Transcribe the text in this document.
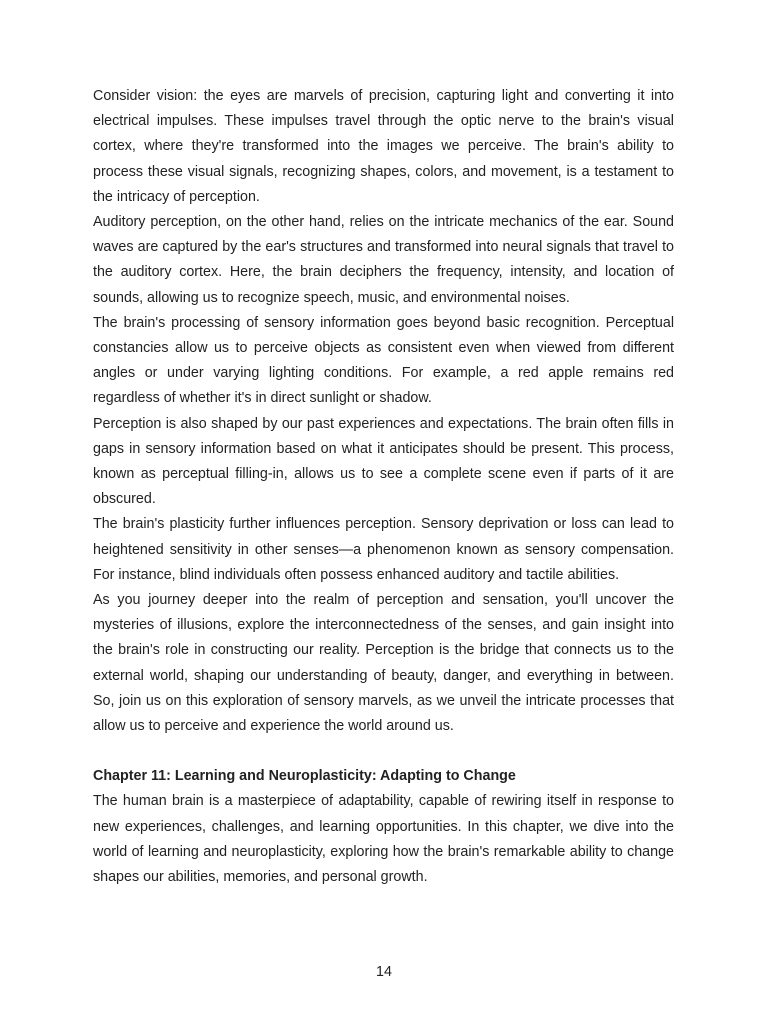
Consider vision: the eyes are marvels of precision, capturing light and converting it into electrical impulses. These impulses travel through the optic nerve to the brain's visual cortex, where they're transformed into the images we perceive. The brain's ability to process these visual signals, recognizing shapes, colors, and movement, is a testament to the intricacy of perception.

Auditory perception, on the other hand, relies on the intricate mechanics of the ear. Sound waves are captured by the ear's structures and transformed into neural signals that travel to the auditory cortex. Here, the brain deciphers the frequency, intensity, and location of sounds, allowing us to recognize speech, music, and environmental noises.

The brain's processing of sensory information goes beyond basic recognition. Perceptual constancies allow us to perceive objects as consistent even when viewed from different angles or under varying lighting conditions. For example, a red apple remains red regardless of whether it's in direct sunlight or shadow.

Perception is also shaped by our past experiences and expectations. The brain often fills in gaps in sensory information based on what it anticipates should be present. This process, known as perceptual filling-in, allows us to see a complete scene even if parts of it are obscured.

The brain's plasticity further influences perception. Sensory deprivation or loss can lead to heightened sensitivity in other senses—a phenomenon known as sensory compensation. For instance, blind individuals often possess enhanced auditory and tactile abilities.

As you journey deeper into the realm of perception and sensation, you'll uncover the mysteries of illusions, explore the interconnectedness of the senses, and gain insight into the brain's role in constructing our reality. Perception is the bridge that connects us to the external world, shaping our understanding of beauty, danger, and everything in between. So, join us on this exploration of sensory marvels, as we unveil the intricate processes that allow us to perceive and experience the world around us.

Chapter 11: Learning and Neuroplasticity: Adapting to Change

The human brain is a masterpiece of adaptability, capable of rewiring itself in response to new experiences, challenges, and learning opportunities. In this chapter, we dive into the world of learning and neuroplasticity, exploring how the brain's remarkable ability to change shapes our abilities, memories, and personal growth.

14
